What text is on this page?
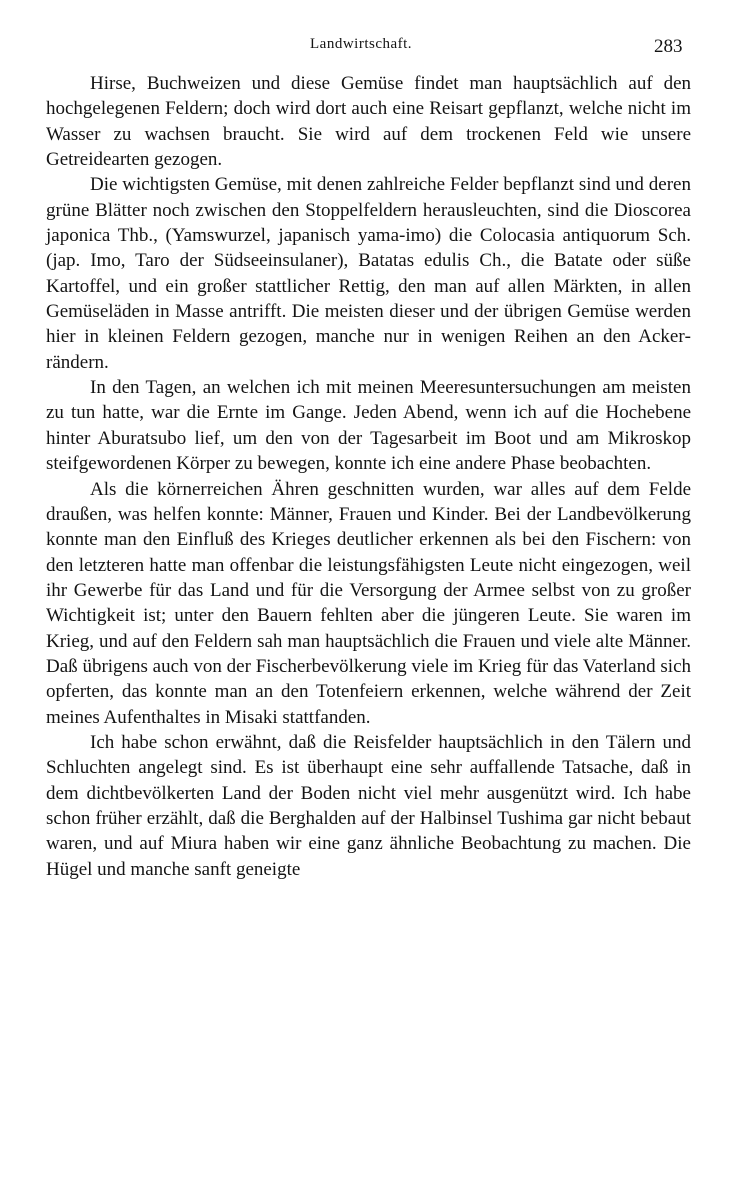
Landwirtschaft.	283

Hirse, Buchweizen und diese Gemüse findet man hauptsächlich auf den hochgelegenen Feldern; doch wird dort auch eine Reisart gepflanzt, welche nicht im Wasser zu wachsen braucht. Sie wird auf dem trockenen Feld wie unsere Getreidearten gezogen.

Die wichtigsten Gemüse, mit denen zahlreiche Felder bepflanzt sind und deren grüne Blätter noch zwischen den Stoppelfeldern herausleuchten, sind die Dioscorea japonica Thb., (Yamswurzel, japanisch yama-imo) die Colocasia antiquorum Sch. (jap. Imo, Taro der Südseeinsulaner), Batatas edulis Ch., die Batate oder süße Kartoffel, und ein großer stattlicher Rettig, den man auf allen Märkten, in allen Gemüseläden in Masse antrifft. Die meisten dieser und der übrigen Gemüse werden hier in kleinen Feldern gezogen, manche nur in wenigen Reihen an den Ackerrändern.

In den Tagen, an welchen ich mit meinen Meeresuntersuchungen am meisten zu tun hatte, war die Ernte im Gange. Jeden Abend, wenn ich auf die Hochebene hinter Aburatsubo lief, um den von der Tagesarbeit im Boot und am Mikroskop steifgewordenen Körper zu bewegen, konnte ich eine andere Phase beobachten.

Als die körnerreichen Ähren geschnitten wurden, war alles auf dem Felde draußen, was helfen konnte: Männer, Frauen und Kinder. Bei der Landbevölkerung konnte man den Einfluß des Krieges deutlicher erkennen als bei den Fischern: von den letzteren hatte man offenbar die leistungsfähigsten Leute nicht eingezogen, weil ihr Gewerbe für das Land und für die Versorgung der Armee selbst von zu großer Wichtigkeit ist; unter den Bauern fehlten aber die jüngeren Leute. Sie waren im Krieg, und auf den Feldern sah man hauptsächlich die Frauen und viele alte Männer. Daß übrigens auch von der Fischerbevölkerung viele im Krieg für das Vaterland sich opferten, das konnte man an den Totenfeiern erkennen, welche während der Zeit meines Aufenthaltes in Misaki stattfanden.

Ich habe schon erwähnt, daß die Reisfelder hauptsächlich in den Tälern und Schluchten angelegt sind. Es ist überhaupt eine sehr auffallende Tatsache, daß in dem dichtbevölkerten Land der Boden nicht viel mehr ausgenützt wird. Ich habe schon früher erzählt, daß die Berghalden auf der Halbinsel Tushima gar nicht bebaut waren, und auf Miura haben wir eine ganz ähnliche Beobachtung zu machen. Die Hügel und manche sanft geneigte
